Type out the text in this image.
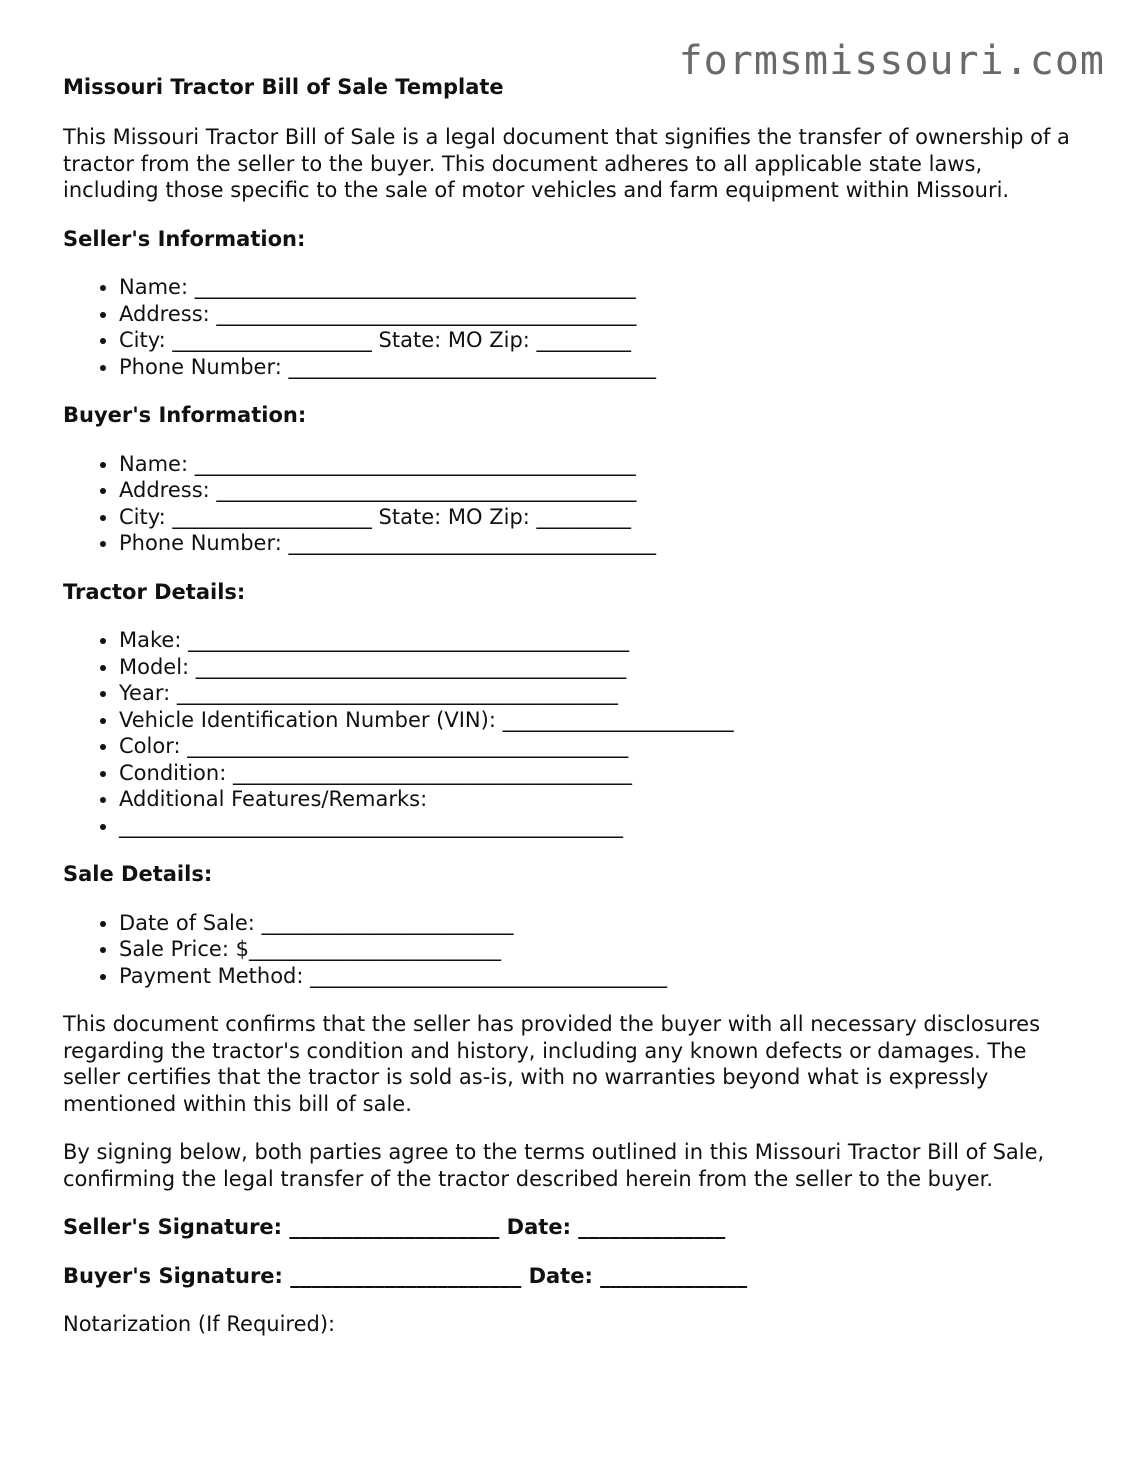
formsmissouri.com
Missouri Tractor Bill of Sale Template

This Missouri Tractor Bill of Sale is a legal document that signifies the transfer of ownership of a tractor from the seller to the buyer. This document adheres to all applicable state laws, including those specific to the sale of motor vehicles and farm equipment within Missouri.

Seller's Information:
• Name: __________________________________________
• Address: ________________________________________
• City: ___________________ State: MO Zip: _________
• Phone Number: ___________________________________
Buyer's Information:
• Name: __________________________________________
• Address: ________________________________________
• City: ___________________ State: MO Zip: _________
• Phone Number: ___________________________________
Tractor Details:
• Make: __________________________________________
• Model: _________________________________________
• Year: __________________________________________
• Vehicle Identification Number (VIN): ______________________
• Color: __________________________________________
• Condition: ______________________________________
• Additional Features/Remarks:
• ________________________________________________
Sale Details:
• Date of Sale: ________________________
• Sale Price: $________________________
• Payment Method: __________________________________

This document confirms that the seller has provided the buyer with all necessary disclosures regarding the tractor's condition and history, including any known defects or damages. The seller certifies that the tractor is sold as-is, with no warranties beyond what is expressly mentioned within this bill of sale.

By signing below, both parties agree to the terms outlined in this Missouri Tractor Bill of Sale, confirming the legal transfer of the tractor described herein from the seller to the buyer.

Seller's Signature: ____________________ Date: ______________
Buyer's Signature: ______________________ Date: ______________

Notarization (If Required):
